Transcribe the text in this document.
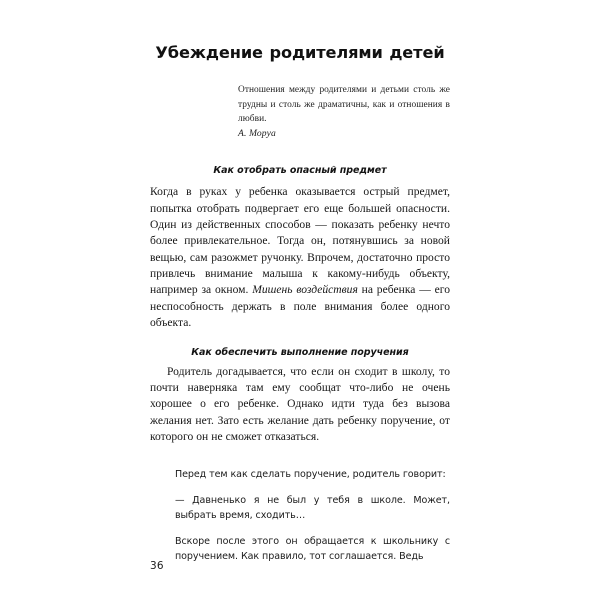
Убеждение родителями детей
Отношения между родителями и детьми столь же трудны и столь же драматичны, как и отношения в любви.
А. Моруа
Как отобрать опасный предмет

Когда в руках у ребенка оказывается острый предмет, попытка отобрать подвергает его еще большей опасности. Один из действенных способов — показать ребенку нечто более привлекательное. Тогда он, потянувшись за новой вещью, сам разожмет ручонку. Впрочем, достаточно просто привлечь внимание малыша к какому-нибудь объекту, например за окном. Мишень воздействия на ребенка — его неспособность держать в поле внимания более одного объекта.

Как обеспечить выполнение поручения

Родитель догадывается, что если он сходит в школу, то почти наверняка там ему сообщат что-либо не очень хорошее о его ребенке. Однако идти туда без вызова желания нет. Зато есть желание дать ребенку поручение, от которого он не сможет отказаться.

Перед тем как сделать поручение, родитель говорит:

— Давненько я не был у тебя в школе. Может, выбрать время, сходить…

Вскоре после этого он обращается к школьнику с поручением. Как правило, тот соглашается. Ведь

36
